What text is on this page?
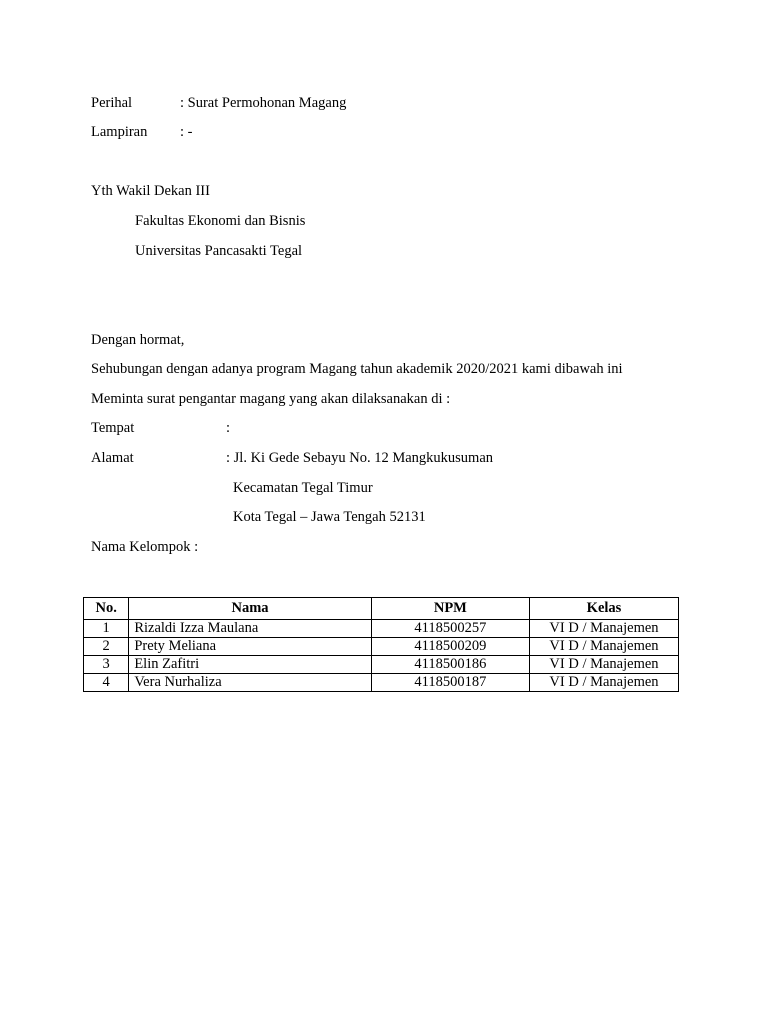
Perihal	: Surat Permohonan Magang
Lampiran : -
Yth Wakil Dekan III
Fakultas Ekonomi dan Bisnis
Universitas Pancasakti Tegal
Dengan hormat,
Sehubungan dengan adanya program Magang tahun akademik 2020/2021 kami dibawah ini
Meminta surat pengantar magang yang akan dilaksanakan di :
Tempat	:
Alamat	: Jl. Ki Gede Sebayu No. 12 Mangkukusuman
Kecamatan Tegal Timur
Kota Tegal – Jawa Tengah 52131
Nama Kelompok :
No.	Nama	NPM	Kelas
1	Rizaldi Izza Maulana	4118500257	VI D / Manajemen
2	Prety Meliana	4118500209	VI D / Manajemen
3	Elin Zafitri	4118500186	VI D / Manajemen
4	Vera Nurhaliza	4118500187	VI D / Manajemen
